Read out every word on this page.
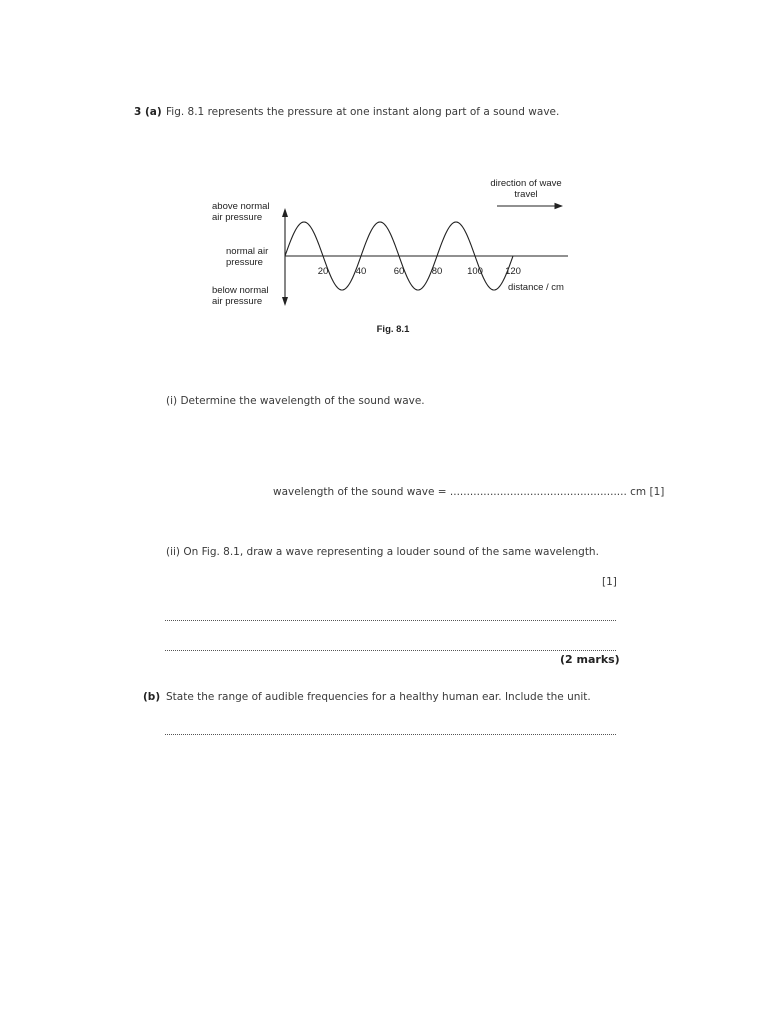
3 (a) Fig. 8.1 represents the pressure at one instant along part of a sound wave.
direction of wave
travel
above normal
air pressure
normal air
pressure
below normal
air pressure
20	40	60	80	100 120
distance / cm
Fig. 8.1
(i) Determine the wavelength of the sound wave.
wavelength of the sound wave = ..................................................... cm [1]
(ii) On Fig. 8.1, draw a wave representing a louder sound of the same wavelength.
[1]
(2 marks)
(b) State the range of audible frequencies for a healthy human ear. Include the unit.
